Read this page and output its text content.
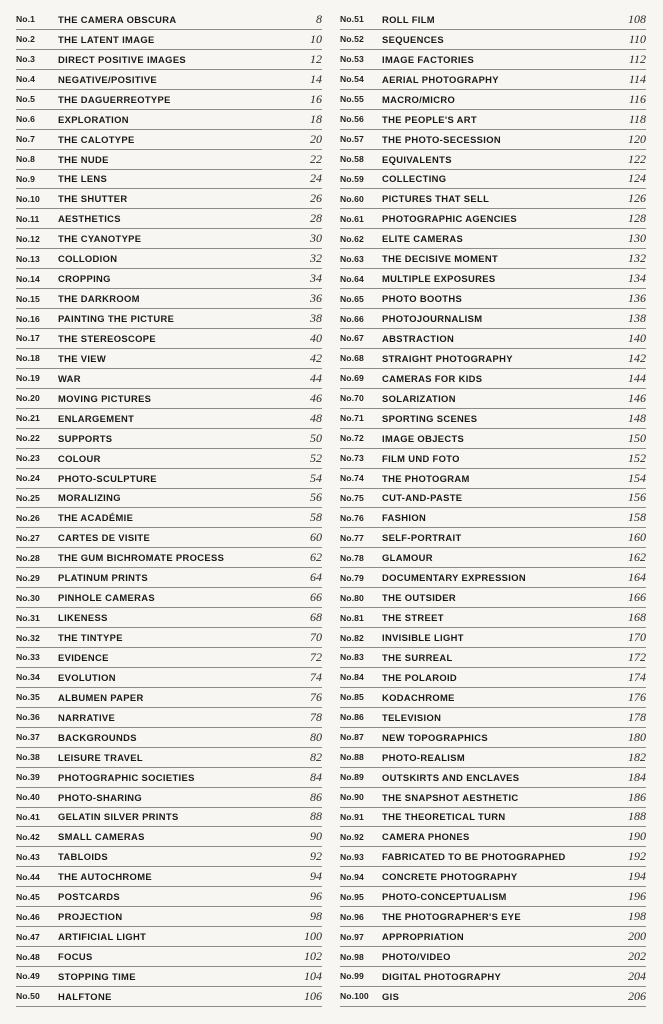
No.1	THE CAMERA OBSCURA	8
No.2	THE LATENT IMAGE	10
No.3	DIRECT POSITIVE IMAGES	12
No.4	NEGATIVE/POSITIVE	14
No.5	THE DAGUERREOTYPE	16
No.6	EXPLORATION	18
No.7	THE CALOTYPE	20
No.8	THE NUDE	22
No.9	THE LENS	24
No.10	THE SHUTTER	26
No.11	AESTHETICS	28
No.12	THE CYANOTYPE	30
No.13	COLLODION	32
No.14	CROPPING	34
No.15	THE DARKROOM	36
No.16	PAINTING THE PICTURE	38
No.17	THE STEREOSCOPE	40
No.18	THE VIEW	42
No.19	WAR	44
No.20	MOVING PICTURES	46
No.21	ENLARGEMENT	48
No.22	SUPPORTS	50
No.23	COLOUR	52
No.24	PHOTO-SCULPTURE	54
No.25	MORALIZING	56
No.26	THE ACADÉMIE	58
No.27	CARTES DE VISITE	60
No.28	THE GUM BICHROMATE PROCESS	62
No.29	PLATINUM PRINTS	64
No.30	PINHOLE CAMERAS	66
No.31	LIKENESS	68
No.32	THE TINTYPE	70
No.33	EVIDENCE	72
No.34	EVOLUTION	74
No.35	ALBUMEN PAPER	76
No.36	NARRATIVE	78
No.37	BACKGROUNDS	80
No.38	LEISURE TRAVEL	82
No.39	PHOTOGRAPHIC SOCIETIES	84
No.40	PHOTO-SHARING	86
No.41	GELATIN SILVER PRINTS	88
No.42	SMALL CAMERAS	90
No.43	TABLOIDS	92
No.44	THE AUTOCHROME	94
No.45	POSTCARDS	96
No.46	PROJECTION	98
No.47	ARTIFICIAL LIGHT	100
No.48	FOCUS	102
No.49	STOPPING TIME	104
No.50	HALFTONE	106
No.51	ROLL FILM	108
No.52	SEQUENCES	110
No.53	IMAGE FACTORIES	112
No.54	AERIAL PHOTOGRAPHY	114
No.55	MACRO/MICRO	116
No.56	THE PEOPLE'S ART	118
No.57	THE PHOTO-SECESSION	120
No.58	EQUIVALENTS	122
No.59	COLLECTING	124
No.60	PICTURES THAT SELL	126
No.61	PHOTOGRAPHIC AGENCIES	128
No.62	ELITE CAMERAS	130
No.63	THE DECISIVE MOMENT	132
No.64	MULTIPLE EXPOSURES	134
No.65	PHOTO BOOTHS	136
No.66	PHOTOJOURNALISM	138
No.67	ABSTRACTION	140
No.68	STRAIGHT PHOTOGRAPHY	142
No.69	CAMERAS FOR KIDS	144
No.70	SOLARIZATION	146
No.71	SPORTING SCENES	148
No.72	IMAGE OBJECTS	150
No.73	FILM UND FOTO	152
No.74	THE PHOTOGRAM	154
No.75	CUT-AND-PASTE	156
No.76	FASHION	158
No.77	SELF-PORTRAIT	160
No.78	GLAMOUR	162
No.79	DOCUMENTARY EXPRESSION	164
No.80	THE OUTSIDER	166
No.81	THE STREET	168
No.82	INVISIBLE LIGHT	170
No.83	THE SURREAL	172
No.84	THE POLAROID	174
No.85	KODACHROME	176
No.86	TELEVISION	178
No.87	NEW TOPOGRAPHICS	180
No.88	PHOTO-REALISM	182
No.89	OUTSKIRTS AND ENCLAVES	184
No.90	THE SNAPSHOT AESTHETIC	186
No.91	THE THEORETICAL TURN	188
No.92	CAMERA PHONES	190
No.93	FABRICATED TO BE PHOTOGRAPHED	192
No.94	CONCRETE PHOTOGRAPHY	194
No.95	PHOTO-CONCEPTUALISM	196
No.96	THE PHOTOGRAPHER'S EYE	198
No.97	APPROPRIATION	200
No.98	PHOTO/VIDEO	202
No.99	DIGITAL PHOTOGRAPHY	204
No.100	GIS	206
